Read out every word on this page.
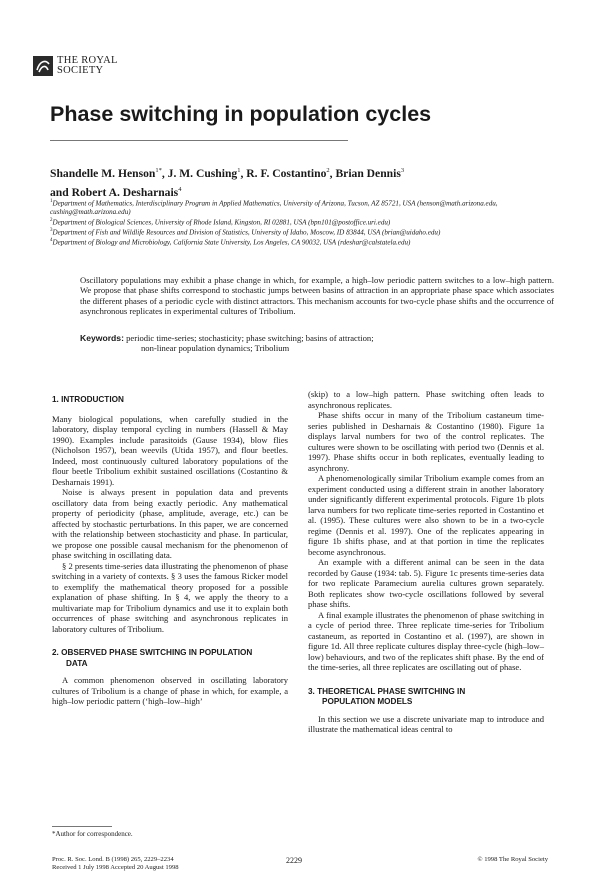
THE ROYAL
SOCIETY
Phase switching in population cycles
Shandelle M. Henson$^{1*}$, J. M. Cushing$^1$, R. F. Costantino$^2$, Brian Dennis$^3$
and Robert A. Desharnais$^4$

$^1$Department of Mathematics, Interdisciplinary Program in Applied Mathematics, University of Arizona, Tucson, AZ 85721, USA (henson@math.arizona.edu, cushing@math.arizona.edu)

$^2$Department of Biological Sciences, University of Rhode Island, Kingston, RI 02881, USA (bpn101@postoffice.uri.edu)

$^3$Department of Fish and Wildlife Resources and Division of Statistics, University of Idaho, Moscow, ID 83844, USA (brian@uidaho.edu)

$^4$Department of Biology and Microbiology, California State University, Los Angeles, CA 90032, USA (rdeshar@calstatela.edu)

Oscillatory populations may exhibit a phase change in which, for example, a high–low periodic pattern switches to a low–high pattern. We propose that phase shifts correspond to stochastic jumps between basins of attraction in an appropriate phase space which associates the different phases of a periodic cycle with distinct attractors. This mechanism accounts for two-cycle phase shifts and the occurrence of asynchronous replicates in experimental cultures of Tribolium.
Keywords: periodic time-series; stochasticity; phase switching; basins of attraction;
non-linear population dynamics; Tribolium

1. INTRODUCTION

Many biological populations, when carefully studied in the laboratory, display temporal cycling in numbers (Hassell & May 1990). Examples include parasitoids (Gause 1934), blow flies (Nicholson 1957), bean weevils (Utida 1957), and flour beetles. Indeed, most continuously cultured laboratory populations of the flour beetle Tribolium exhibit sustained oscillations (Costantino & Desharnais 1991).

Noise is always present in population data and prevents oscillatory data from being exactly periodic. Any mathematical property of periodicity (phase, amplitude, average, etc.) can be affected by stochastic perturbations. In this paper, we are concerned with the relationship between stochasticity and phase. In particular, we propose one possible causal mechanism for the phenomenon of phase switching in oscillating data.

§ 2 presents time-series data illustrating the phenomenon of phase switching in a variety of contexts. § 3 uses the famous Ricker model to exemplify the mathematical theory proposed for a possible explanation of phase shifting. In § 4, we apply the theory to a multivariate map for Tribolium dynamics and use it to explain both occurrences of phase switching and asynchronous replicates in laboratory cultures of Tribolium.

2. OBSERVED PHASE SWITCHING IN POPULATION
DATA

A common phenomenon observed in oscillating laboratory cultures of Tribolium is a change of phase in which, for example, a high–low periodic pattern (‘high–low–high’

(skip) to a low–high pattern. Phase switching often leads to asynchronous replicates.

Phase shifts occur in many of the Tribolium castaneum time-series published in Desharnais & Costantino (1980). Figure 1a displays larval numbers for two of the control replicates. The cultures were shown to be oscillating with period two (Dennis et al. 1997). Phase shifts occur in both replicates, eventually leading to asynchrony.

A phenomenologically similar Tribolium example comes from an experiment conducted using a different strain in another laboratory under significantly different experimental protocols. Figure 1b plots larva numbers for two replicate time-series reported in Costantino et al. (1995). These cultures were also shown to be in a two-cycle regime (Dennis et al. 1997). One of the replicates appearing in figure 1b shifts phase, and at that portion in time the replicates become asynchronous.

An example with a different animal can be seen in the data recorded by Gause (1934: tab. 5). Figure 1c presents time-series data for two replicate Paramecium aurelia cultures grown separately. Both replicates show two-cycle oscillations followed by several phase shifts.

A final example illustrates the phenomenon of phase switching in a cycle of period three. Three replicate time-series for Tribolium castaneum, as reported in Costantino et al. (1997), are shown in figure 1d. All three replicate cultures display three-cycle (high–low–low) behaviours, and two of the replicates shift phase. By the end of the time-series, all three replicates are oscillating out of phase.

3. THEORETICAL PHASE SWITCHING IN
POPULATION MODELS

In this section we use a discrete univariate map to introduce and illustrate the mathematical ideas central to

*Author for correspondence.
Proc. R. Soc. Lond. B (1998) 265, 2229–2234
Received 1 July 1998 Accepted 20 August 1998
2229	© 1998 The Royal Society
